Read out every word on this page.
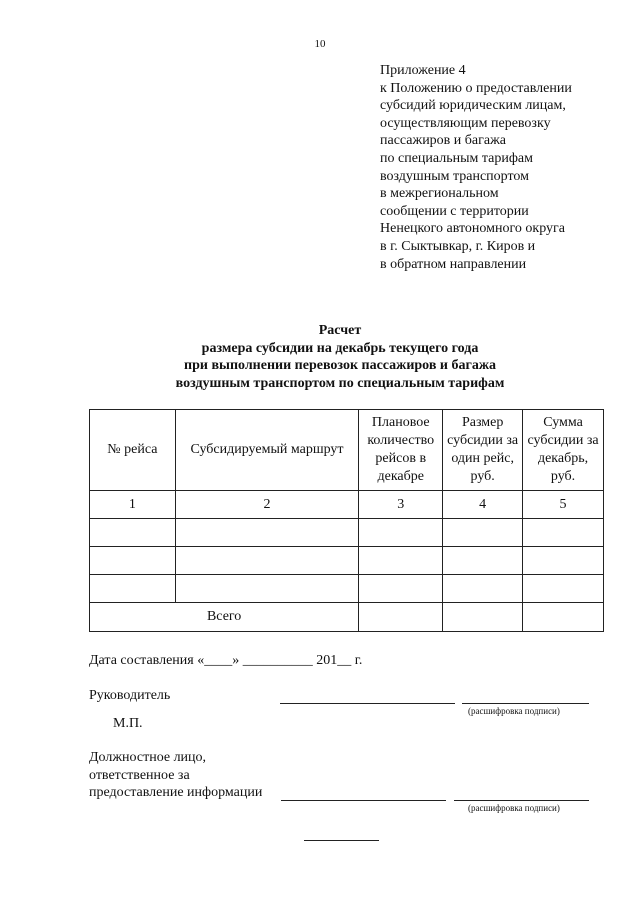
10
Приложение 4
к Положению о предоставлении
субсидий юридическим лицам,
осуществляющим перевозку
пассажиров и багажа
по специальным тарифам
воздушным транспортом
в межрегиональном
сообщении с территории
Ненецкого автономного округа
в г. Сыктывкар, г. Киров и
в обратном направлении
Расчет
размера субсидии на декабрь текущего года
при выполнении перевозок пассажиров и багажа
воздушным транспортом по специальным тарифам
№ рейса	Субсидируемый маршрут	Плановое количество рейсов в декабре	Размер субсидии за один рейс, руб.	Сумма субсидии за декабрь, руб.
1	2	3	4	5

Всего				
Дата составления «____» __________ 201__ г.
Руководитель
(расшифровка подписи)
М.П.
Должностное лицо,
ответственное за
предоставление информации
(расшифровка подписи)
